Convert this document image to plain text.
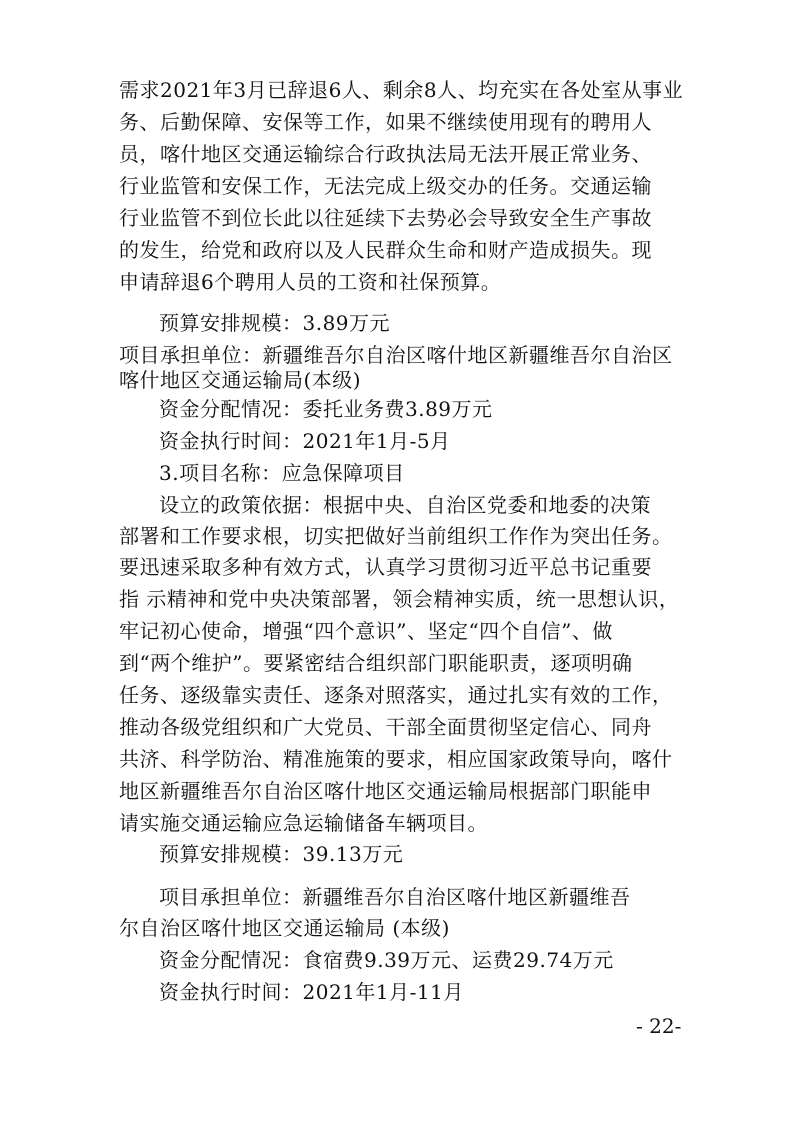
需求2021年3月已辞退6人、剩余8人、均充实在各处室从事业
务、后勤保障、安保等工作，如果不继续使用现有的聘用人
员，喀什地区交通运输综合行政执法局无法开展正常业务、
行业监管和安保工作，无法完成上级交办的任务。交通运输
行业监管不到位长此以往延续下去势必会导致安全生产事故
的发生，给党和政府以及人民群众生命和财产造成损失。现
申请辞退6个聘用人员的工资和社保预算。
预算安排规模：3.89万元
项目承担单位：新疆维吾尔自治区喀什地区新疆维吾尔自治区
喀什地区交通运输局(本级)
资金分配情况：委托业务费3.89万元
资金执行时间：2021年1月-5月
3.项目名称：应急保障项目
设立的政策依据：根据中央、自治区党委和地委的决策
部署和工作要求根，切实把做好当前组织工作作为突出任务。
要迅速采取多种有效方式，认真学习贯彻习近平总书记重要
指 示精神和党中央决策部署，领会精神实质，统一思想认识，
牢记初心使命，增强“四个意识”、坚定“四个自信”、做
到“两个维护”。要紧密结合组织部门职能职责，逐项明确
任务、逐级靠实责任、逐条对照落实，通过扎实有效的工作，
推动各级党组织和广大党员、干部全面贯彻坚定信心、同舟
共济、科学防治、精准施策的要求，相应国家政策导向，喀什
地区新疆维吾尔自治区喀什地区交通运输局根据部门职能申
请实施交通运输应急运输储备车辆项目。
预算安排规模：39.13万元
项目承担单位：新疆维吾尔自治区喀什地区新疆维吾
尔自治区喀什地区交通运输局 (本级)
资金分配情况：食宿费9.39万元、运费29.74万元
资金执行时间：2021年1月-11月
- 22-
